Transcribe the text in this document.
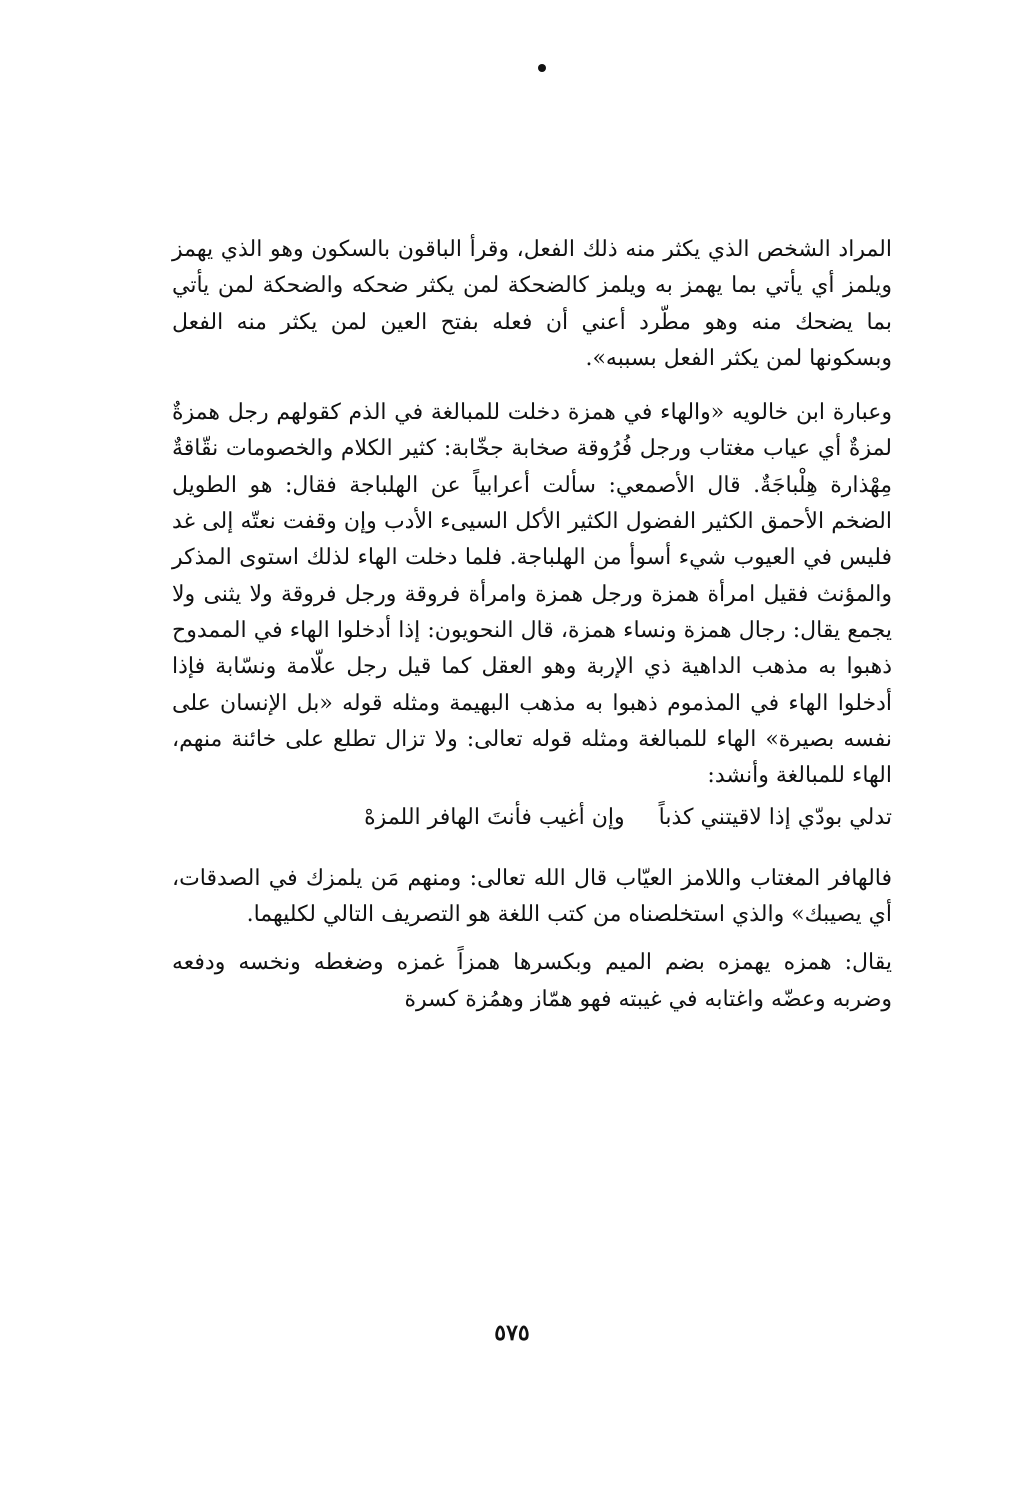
المراد الشخص الذي يكثر منه ذلك الفعل، وقرأ الباقون بالسكون وهو الذي يهمز ويلمز أي يأتي بما يهمز به ويلمز كالضحكة لمن يكثر ضحكه والضحكة لمن يأتي بما يضحك منه وهو مطّرد أعني أن فعله بفتح العين لمن يكثر منه الفعل وبسكونها لمن يكثر الفعل بسببه».

وعبارة ابن خالويه «والهاء في همزة دخلت للمبالغة في الذم كقولهم رجل همزةٌ لمزةٌ أي عياب مغتاب ورجل فُرُوقة صخابة جخّابة: كثير الكلام والخصومات نقّاقةٌ مِهْذارة هِلْباجَةٌ. قال الأصمعي: سألت أعرابياً عن الهلباجة فقال: هو الطويل الضخم الأحمق الكثير الفضول الكثير الأكل السيىء الأدب وإن وقفت نعتّه إلى غد فليس في العيوب شيء أسوأ من الهلباجة. فلما دخلت الهاء لذلك استوى المذكر والمؤنث فقيل امرأة همزة ورجل همزة وامرأة فروقة ورجل فروقة ولا يثنى ولا يجمع يقال: رجال همزة ونساء همزة، قال النحويون: إذا أدخلوا الهاء في الممدوح ذهبوا به مذهب الداهية ذي الإربة وهو العقل كما قيل رجل علّامة ونسّابة فإذا أدخلوا الهاء في المذموم ذهبوا به مذهب البهيمة ومثله قوله «بل الإنسان على نفسه بصيرة» الهاء للمبالغة ومثله قوله تعالى: ولا تزال تطلع على خائنة منهم، الهاء للمبالغة وأنشد:

تدلي بودّي إذا لاقيتني كذباً
وإن أغيب فأنتَ الهافر اللمزهْ

فالهافر المغتاب واللامز العيّاب قال الله تعالى: ومنهم مَن يلمزك في الصدقات، أي يصيبك» والذي استخلصناه من كتب اللغة هو التصريف التالي لكليهما.

يقال: همزه يهمزه بضم الميم وبكسرها همزاً غمزه وضغطه ونخسه ودفعه وضربه وعضّه واغتابه في غيبته فهو همّاز وهمُزة كسرة

٥٧٥
